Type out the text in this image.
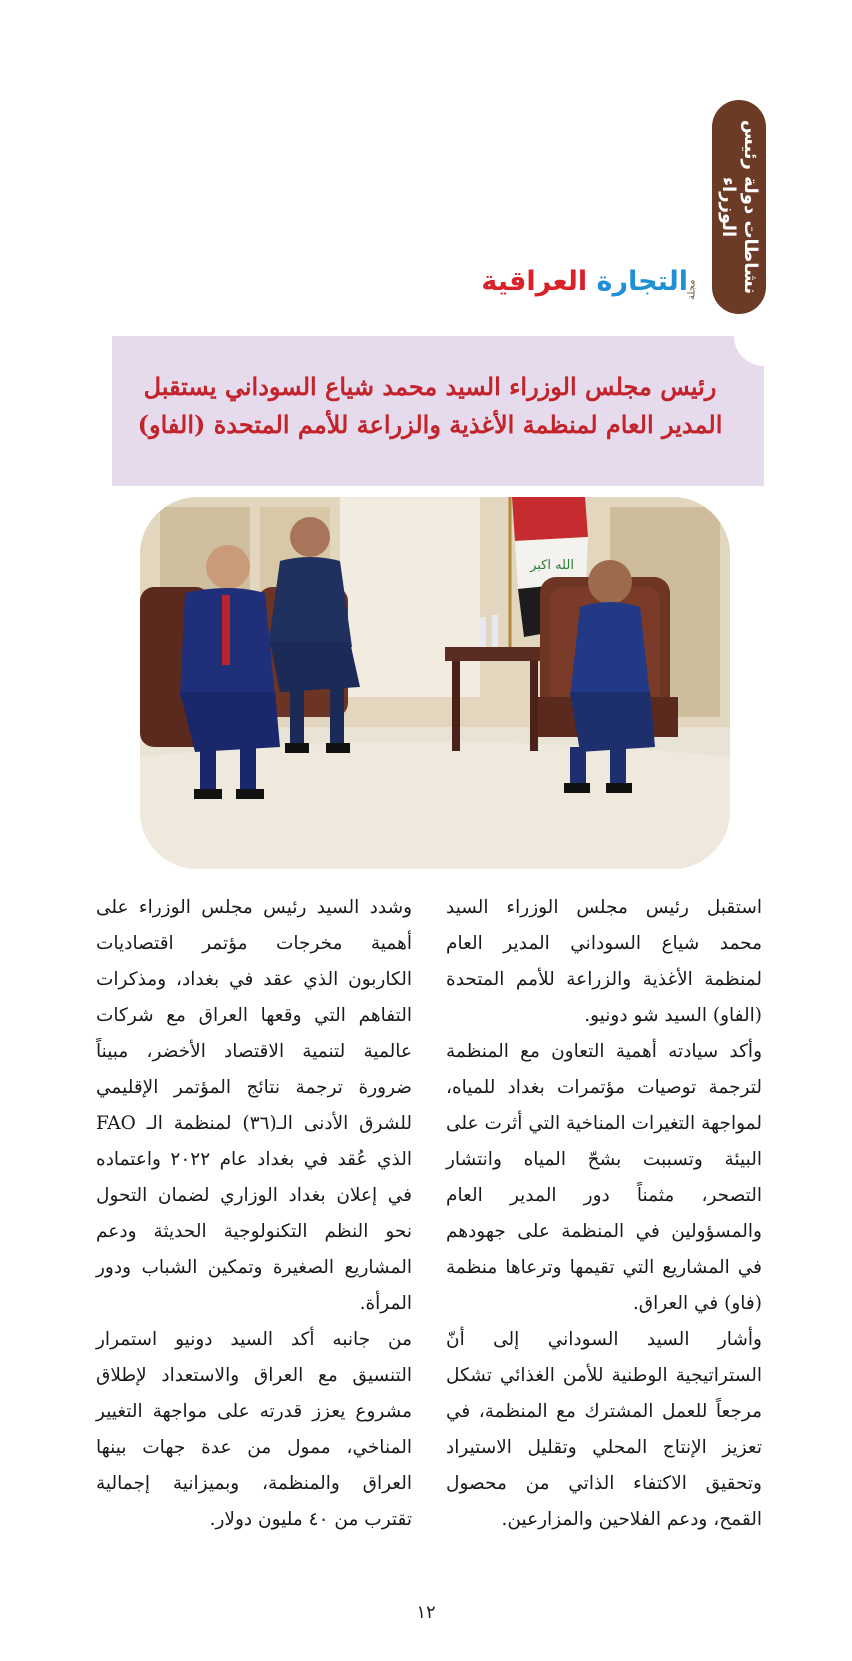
نشاطات دولة رئيس الوزراء
مجلة
التجارة العراقية
رئيس مجلس الوزراء السيد محمد شياع السوداني يستقبل المدير العام لمنظمة الأغذية والزراعة للأمم المتحدة (الفاو)
الله اكبر

استقبل رئيس مجلس الوزراء السيد محمد شياع السوداني المدير العام لمنظمة الأغذية والزراعة للأمم المتحدة (الفاو) السيد شو دونيو.

وأكد سيادته أهمية التعاون مع المنظمة لترجمة توصيات مؤتمرات بغداد للمياه، لمواجهة التغيرات المناخية التي أثرت على البيئة وتسببت بشحّ المياه وانتشار التصحر، مثمناً دور المدير العام والمسؤولين في المنظمة على جهودهم في المشاريع التي تقيمها وترعاها منظمة (فاو) في العراق.

وأشار السيد السوداني إلى أنّ الستراتيجية الوطنية للأمن الغذائي تشكل مرجعاً للعمل المشترك مع المنظمة، في تعزيز الإنتاج المحلي وتقليل الاستيراد وتحقيق الاكتفاء الذاتي من محصول القمح، ودعم الفلاحين والمزارعين.

وشدد السيد رئيس مجلس الوزراء على أهمية مخرجات مؤتمر اقتصاديات الكاربون الذي عقد في بغداد، ومذكرات التفاهم التي وقعها العراق مع شركات عالمية لتنمية الاقتصاد الأخضر، مبيناً ضرورة ترجمة نتائج المؤتمر الإقليمي للشرق الأدنى الـ(٣٦) لمنظمة الـ FAO الذي عُقد في بغداد عام ٢٠٢٢ واعتماده في إعلان بغداد الوزاري لضمان التحول نحو النظم التكنولوجية الحديثة ودعم المشاريع الصغيرة وتمكين الشباب ودور المرأة.

من جانبه أكد السيد دونيو استمرار التنسيق مع العراق والاستعداد لإطلاق مشروع يعزز قدرته على مواجهة التغيير المناخي، ممول من عدة جهات بينها العراق والمنظمة، وبميزانية إجمالية تقترب من ٤٠ مليون دولار.

١٢
